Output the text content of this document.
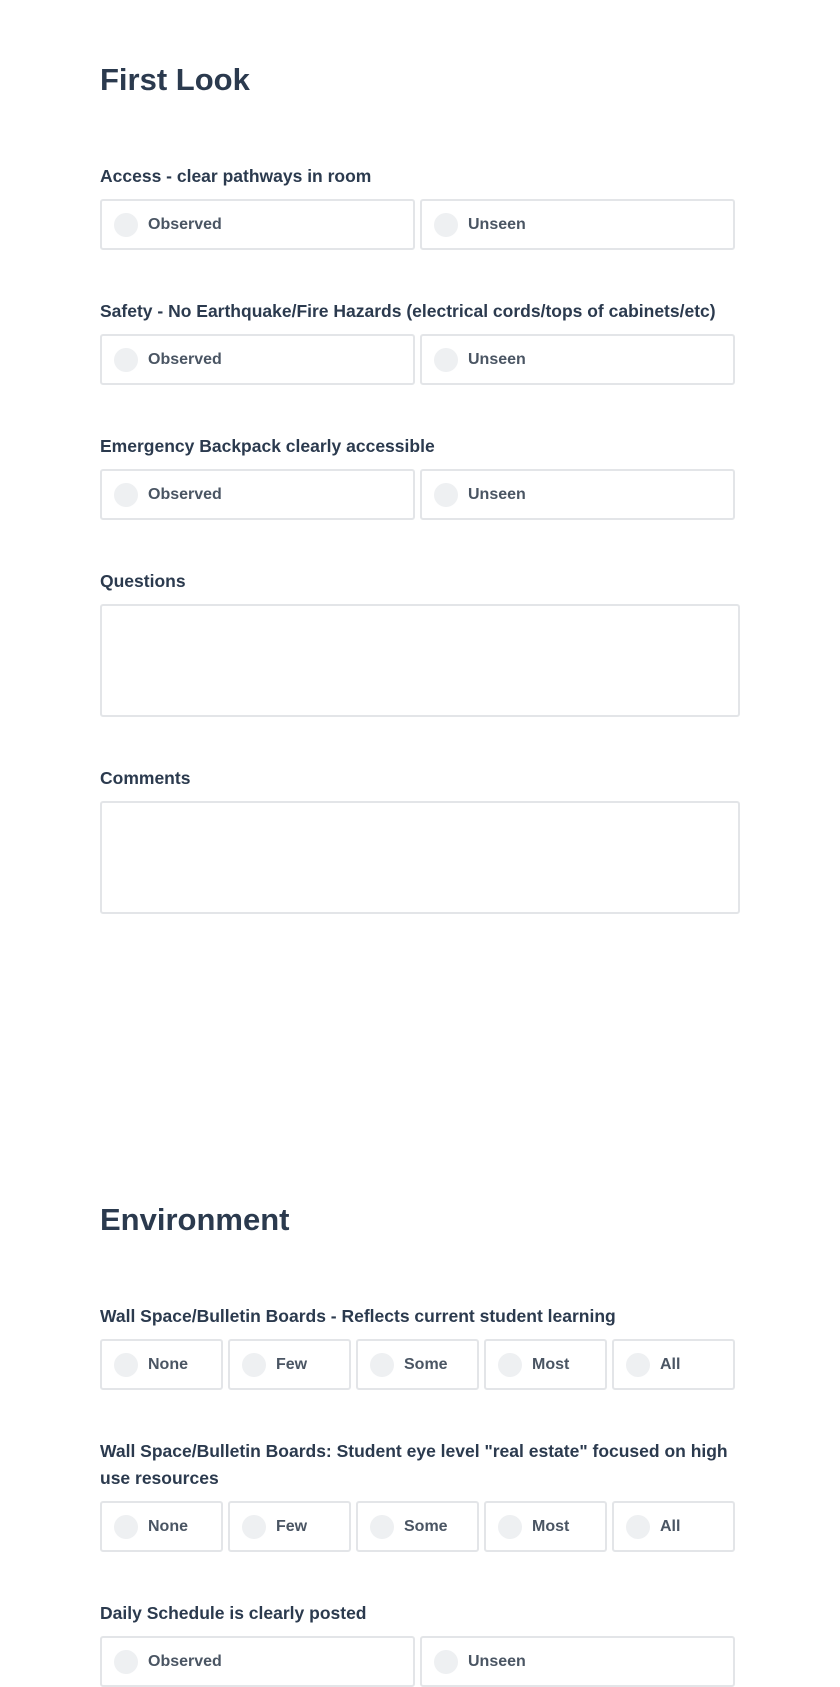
First Look
Access - clear pathways in room
Observed	Unseen
Safety - No Earthquake/Fire Hazards (electrical cords/tops of cabinets/etc)
Observed	Unseen
Emergency Backpack clearly accessible
Observed	Unseen
Questions
Comments
Environment
Wall Space/Bulletin Boards - Reflects current student learning
None	Few	Some	Most	All
Wall Space/Bulletin Boards: Student eye level "real estate" focused on high use resources
None	Few	Some	Most	All
Daily Schedule is clearly posted
Observed	Unseen
